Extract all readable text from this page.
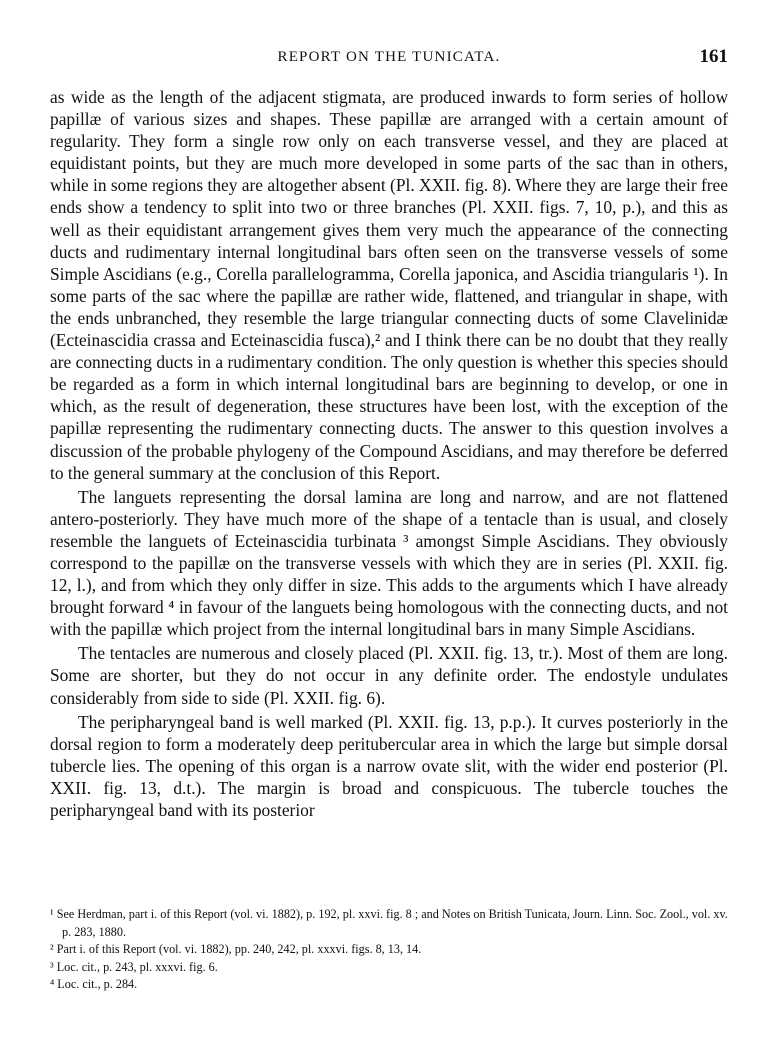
REPORT ON THE TUNICATA.	161

as wide as the length of the adjacent stigmata, are produced inwards to form series of hollow papillæ of various sizes and shapes. These papillæ are arranged with a certain amount of regularity. They form a single row only on each transverse vessel, and they are placed at equidistant points, but they are much more developed in some parts of the sac than in others, while in some regions they are altogether absent (Pl. XXII. fig. 8). Where they are large their free ends show a tendency to split into two or three branches (Pl. XXII. figs. 7, 10, p.), and this as well as their equidistant arrangement gives them very much the appearance of the connecting ducts and rudimentary internal longitudinal bars often seen on the transverse vessels of some Simple Ascidians (e.g., Corella parallelogramma, Corella japonica, and Ascidia triangularis ¹). In some parts of the sac where the papillæ are rather wide, flattened, and triangular in shape, with the ends unbranched, they resemble the large triangular connecting ducts of some Clavelinidæ (Ecteinascidia crassa and Ecteinascidia fusca),² and I think there can be no doubt that they really are connecting ducts in a rudimentary condition. The only question is whether this species should be regarded as a form in which internal longitudinal bars are beginning to develop, or one in which, as the result of degeneration, these structures have been lost, with the exception of the papillæ representing the rudimentary connecting ducts. The answer to this question involves a discussion of the probable phylogeny of the Compound Ascidians, and may therefore be deferred to the general summary at the conclusion of this Report.

The languets representing the dorsal lamina are long and narrow, and are not flattened antero-posteriorly. They have much more of the shape of a tentacle than is usual, and closely resemble the languets of Ecteinascidia turbinata ³ amongst Simple Ascidians. They obviously correspond to the papillæ on the transverse vessels with which they are in series (Pl. XXII. fig. 12, l.), and from which they only differ in size. This adds to the arguments which I have already brought forward ⁴ in favour of the languets being homologous with the connecting ducts, and not with the papillæ which project from the internal longitudinal bars in many Simple Ascidians.

The tentacles are numerous and closely placed (Pl. XXII. fig. 13, tr.). Most of them are long. Some are shorter, but they do not occur in any definite order. The endostyle undulates considerably from side to side (Pl. XXII. fig. 6).

The peripharyngeal band is well marked (Pl. XXII. fig. 13, p.p.). It curves posteriorly in the dorsal region to form a moderately deep peritubercular area in which the large but simple dorsal tubercle lies. The opening of this organ is a narrow ovate slit, with the wider end posterior (Pl. XXII. fig. 13, d.t.). The margin is broad and conspicuous. The tubercle touches the peripharyngeal band with its posterior

¹ See Herdman, part i. of this Report (vol. vi. 1882), p. 192, pl. xxvi. fig. 8 ; and Notes on British Tunicata, Journ. Linn. Soc. Zool., vol. xv. p. 283, 1880.

² Part i. of this Report (vol. vi. 1882), pp. 240, 242, pl. xxxvi. figs. 8, 13, 14.

³ Loc. cit., p. 243, pl. xxxvi. fig. 6.

⁴ Loc. cit., p. 284.
